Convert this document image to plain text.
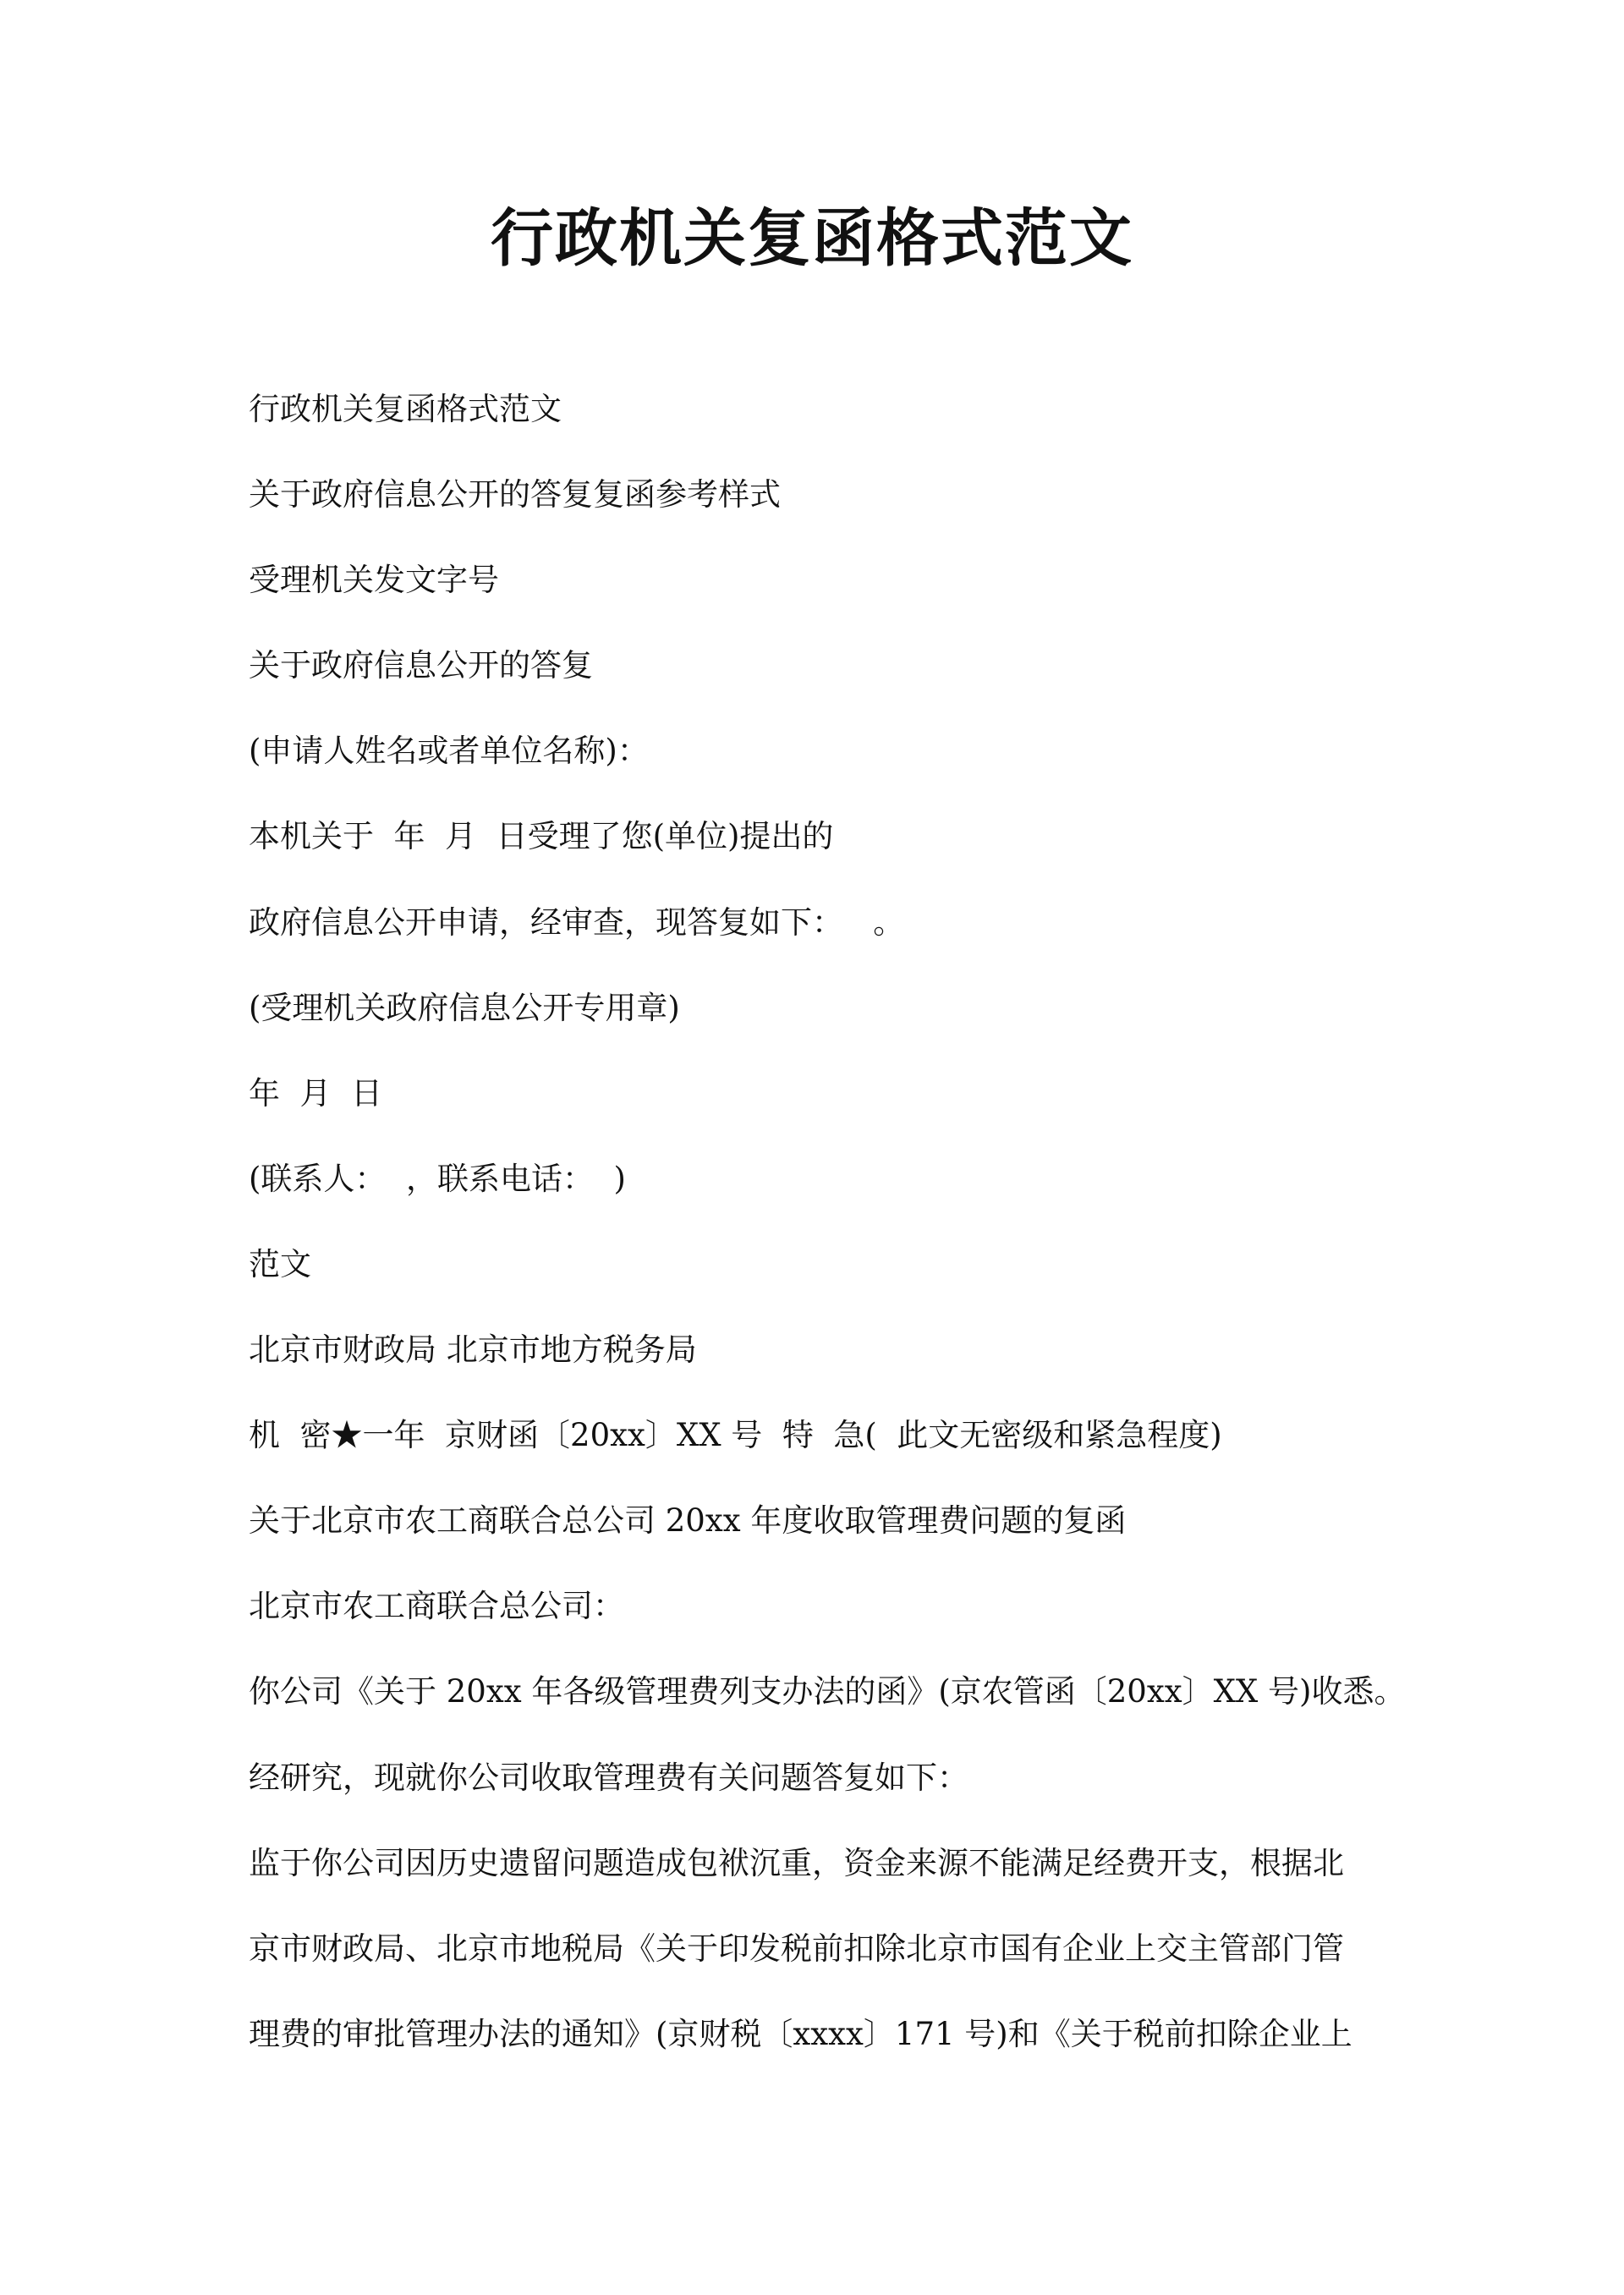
行政机关复函格式范文
行政机关复函格式范文
关于政府信息公开的答复复函参考样式
受理机关发文字号
关于政府信息公开的答复
(申请人姓名或者单位名称)：
本机关于  年  月  日受理了您(单位)提出的
政府信息公开申请，经审查，现答复如下：   。
(受理机关政府信息公开专用章)
年  月  日
(联系人：  ，联系电话：  )
范文
北京市财政局 北京市地方税务局
机  密★一年  京财函〔20xx〕XX 号  特  急(  此文无密级和紧急程度)
关于北京市农工商联合总公司 20xx 年度收取管理费问题的复函
北京市农工商联合总公司：
你公司《关于 20xx 年各级管理费列支办法的函》(京农管函〔20xx〕XX 号)收悉。
经研究，现就你公司收取管理费有关问题答复如下：
监于你公司因历史遗留问题造成包袱沉重，资金来源不能满足经费开支，根据北
京市财政局、北京市地税局《关于印发税前扣除北京市国有企业上交主管部门管
理费的审批管理办法的通知》(京财税〔xxxx〕171 号)和《关于税前扣除企业上
